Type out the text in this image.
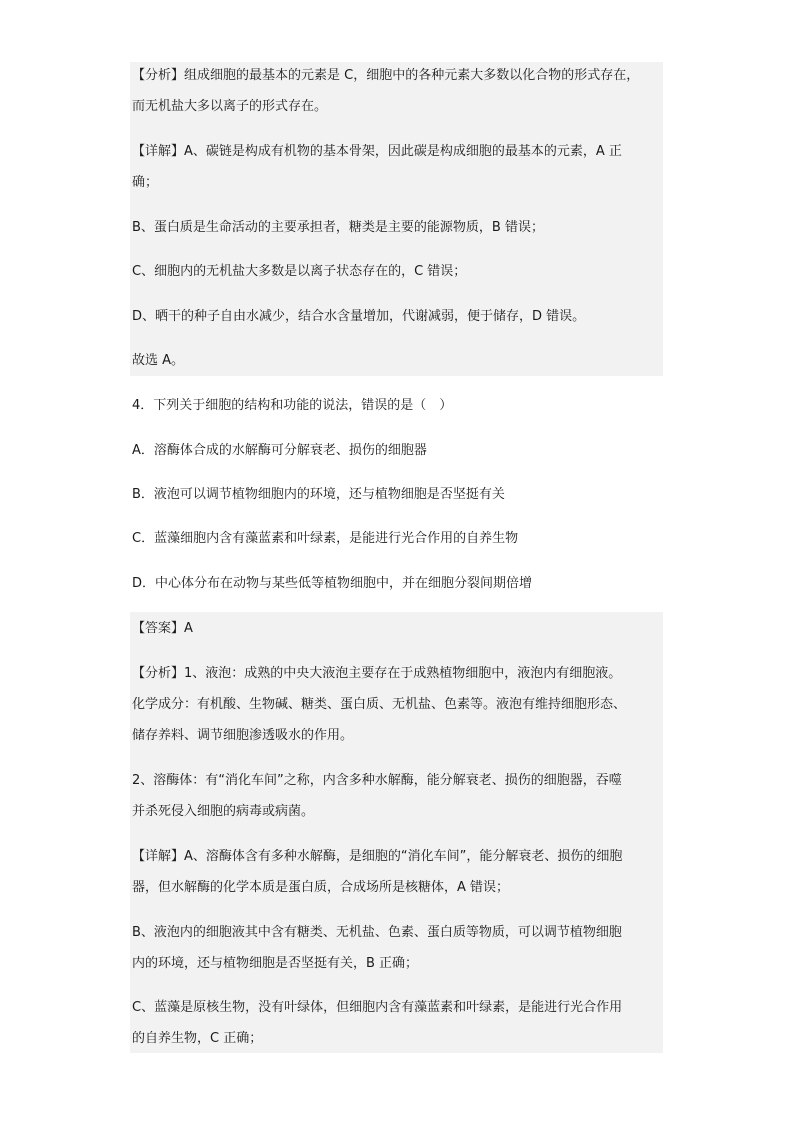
【分析】组成细胞的最基本的元素是 C，细胞中的各种元素大多数以化合物的形式存在，
而无机盐大多以离子的形式存在。
【详解】A、碳链是构成有机物的基本骨架，因此碳是构成细胞的最基本的元素，A 正
确；
B、蛋白质是生命活动的主要承担者，糖类是主要的能源物质，B 错误；
C、细胞内的无机盐大多数是以离子状态存在的，C 错误；
D、晒干的种子自由水减少，结合水含量增加，代谢减弱，便于储存，D 错误。
故选 A。
4．下列关于细胞的结构和功能的说法，错误的是（　）
A．溶酶体合成的水解酶可分解衰老、损伤的细胞器
B．液泡可以调节植物细胞内的环境，还与植物细胞是否坚挺有关
C．蓝藻细胞内含有藻蓝素和叶绿素，是能进行光合作用的自养生物
D．中心体分布在动物与某些低等植物细胞中，并在细胞分裂间期倍增
【答案】A
【分析】1、液泡：成熟的中央大液泡主要存在于成熟植物细胞中，液泡内有细胞液。
化学成分：有机酸、生物碱、糖类、蛋白质、无机盐、色素等。液泡有维持细胞形态、
储存养料、调节细胞渗透吸水的作用。
2、溶酶体：有“消化车间”之称，内含多种水解酶，能分解衰老、损伤的细胞器，吞噬
并杀死侵入细胞的病毒或病菌。
【详解】A、溶酶体含有多种水解酶，是细胞的“消化车间”，能分解衰老、损伤的细胞
器，但水解酶的化学本质是蛋白质，合成场所是核糖体，A 错误；
B、液泡内的细胞液其中含有糖类、无机盐、色素、蛋白质等物质，可以调节植物细胞
内的环境，还与植物细胞是否坚挺有关，B 正确；
C、蓝藻是原核生物，没有叶绿体，但细胞内含有藻蓝素和叶绿素，是能进行光合作用
的自养生物，C 正确；
